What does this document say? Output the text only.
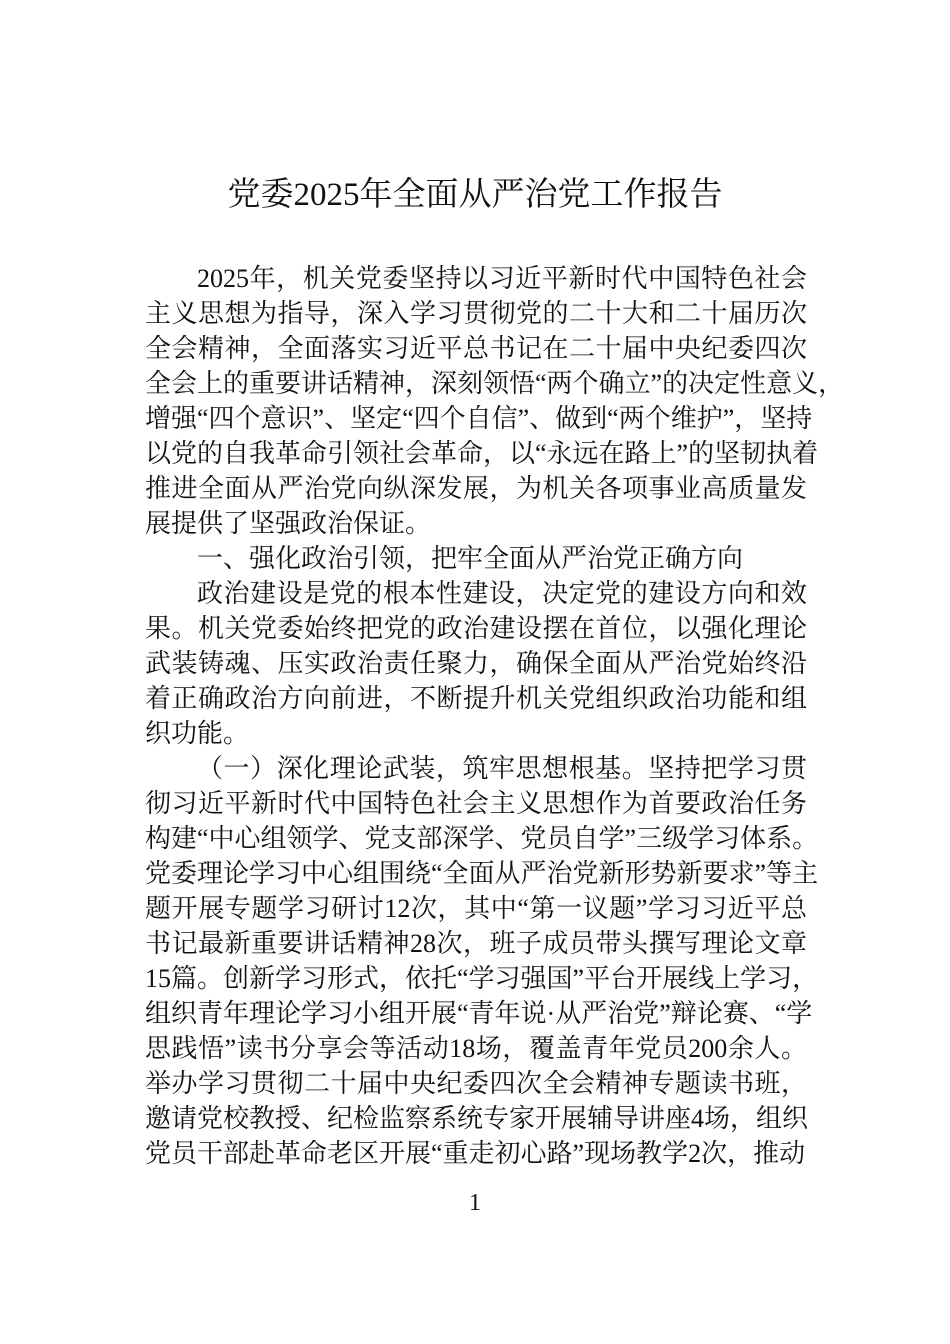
党委2025年全面从严治党工作报告
2025年，机关党委坚持以习近平新时代中国特色社会
主义思想为指导，深入学习贯彻党的二十大和二十届历次
全会精神，全面落实习近平总书记在二十届中央纪委四次
全会上的重要讲话精神，深刻领悟“两个确立”的决定性意义，
增强“四个意识”、坚定“四个自信”、做到“两个维护”，坚持
以党的自我革命引领社会革命，以“永远在路上”的坚韧执着
推进全面从严治党向纵深发展，为机关各项事业高质量发
展提供了坚强政治保证。
一、强化政治引领，把牢全面从严治党正确方向
政治建设是党的根本性建设，决定党的建设方向和效
果。机关党委始终把党的政治建设摆在首位，以强化理论
武装铸魂、压实政治责任聚力，确保全面从严治党始终沿
着正确政治方向前进，不断提升机关党组织政治功能和组
织功能。
（一）深化理论武装，筑牢思想根基。坚持把学习贯
彻习近平新时代中国特色社会主义思想作为首要政治任务
构建“中心组领学、党支部深学、党员自学”三级学习体系。
党委理论学习中心组围绕“全面从严治党新形势新要求”等主
题开展专题学习研讨12次，其中“第一议题”学习习近平总
书记最新重要讲话精神28次，班子成员带头撰写理论文章
15篇。创新学习形式，依托“学习强国”平台开展线上学习，
组织青年理论学习小组开展“青年说·从严治党”辩论赛、“学
思践悟”读书分享会等活动18场，覆盖青年党员200余人。
举办学习贯彻二十届中央纪委四次全会精神专题读书班，
邀请党校教授、纪检监察系统专家开展辅导讲座4场，组织
党员干部赴革命老区开展“重走初心路”现场教学2次，推动
1
